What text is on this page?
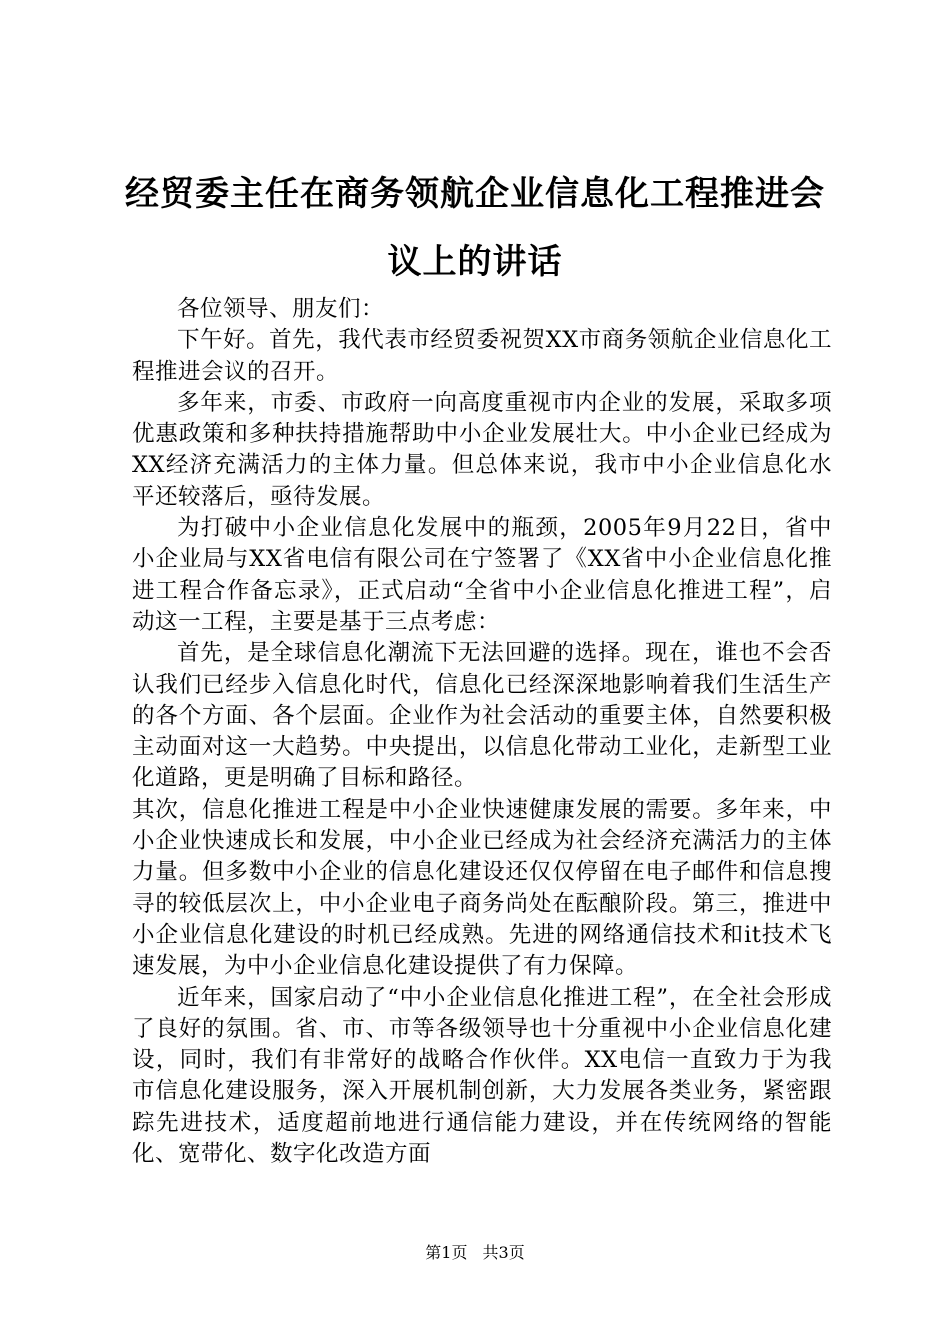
经贸委主任在商务领航企业信息化工程推进会议上的讲话

各位领导、朋友们：

下午好。首先，我代表市经贸委祝贺XX市商务领航企业信息化工程推进会议的召开。

多年来，市委、市政府一向高度重视市内企业的发展，采取多项优惠政策和多种扶持措施帮助中小企业发展壮大。中小企业已经成为XX经济充满活力的主体力量。但总体来说，我市中小企业信息化水平还较落后，亟待发展。

为打破中小企业信息化发展中的瓶颈，2005年9月22日，省中小企业局与XX省电信有限公司在宁签署了《XX省中小企业信息化推进工程合作备忘录》，正式启动“全省中小企业信息化推进工程”，启动这一工程，主要是基于三点考虑：

首先，是全球信息化潮流下无法回避的选择。现在，谁也不会否认我们已经步入信息化时代，信息化已经深深地影响着我们生活生产的各个方面、各个层面。企业作为社会活动的重要主体，自然要积极主动面对这一大趋势。中央提出，以信息化带动工业化，走新型工业化道路，更是明确了目标和路径。

其次，信息化推进工程是中小企业快速健康发展的需要。多年来，中小企业快速成长和发展，中小企业已经成为社会经济充满活力的主体力量。但多数中小企业的信息化建设还仅仅停留在电子邮件和信息搜寻的较低层次上，中小企业电子商务尚处在酝酿阶段。第三，推进中小企业信息化建设的时机已经成熟。先进的网络通信技术和it技术飞速发展，为中小企业信息化建设提供了有力保障。

近年来，国家启动了“中小企业信息化推进工程”，在全社会形成了良好的氛围。省、市、市等各级领导也十分重视中小企业信息化建设，同时，我们有非常好的战略合作伙伴。XX电信一直致力于为我市信息化建设服务，深入开展机制创新，大力发展各类业务，紧密跟踪先进技术，适度超前地进行通信能力建设，并在传统网络的智能化、宽带化、数字化改造方面

第1页 共3页
